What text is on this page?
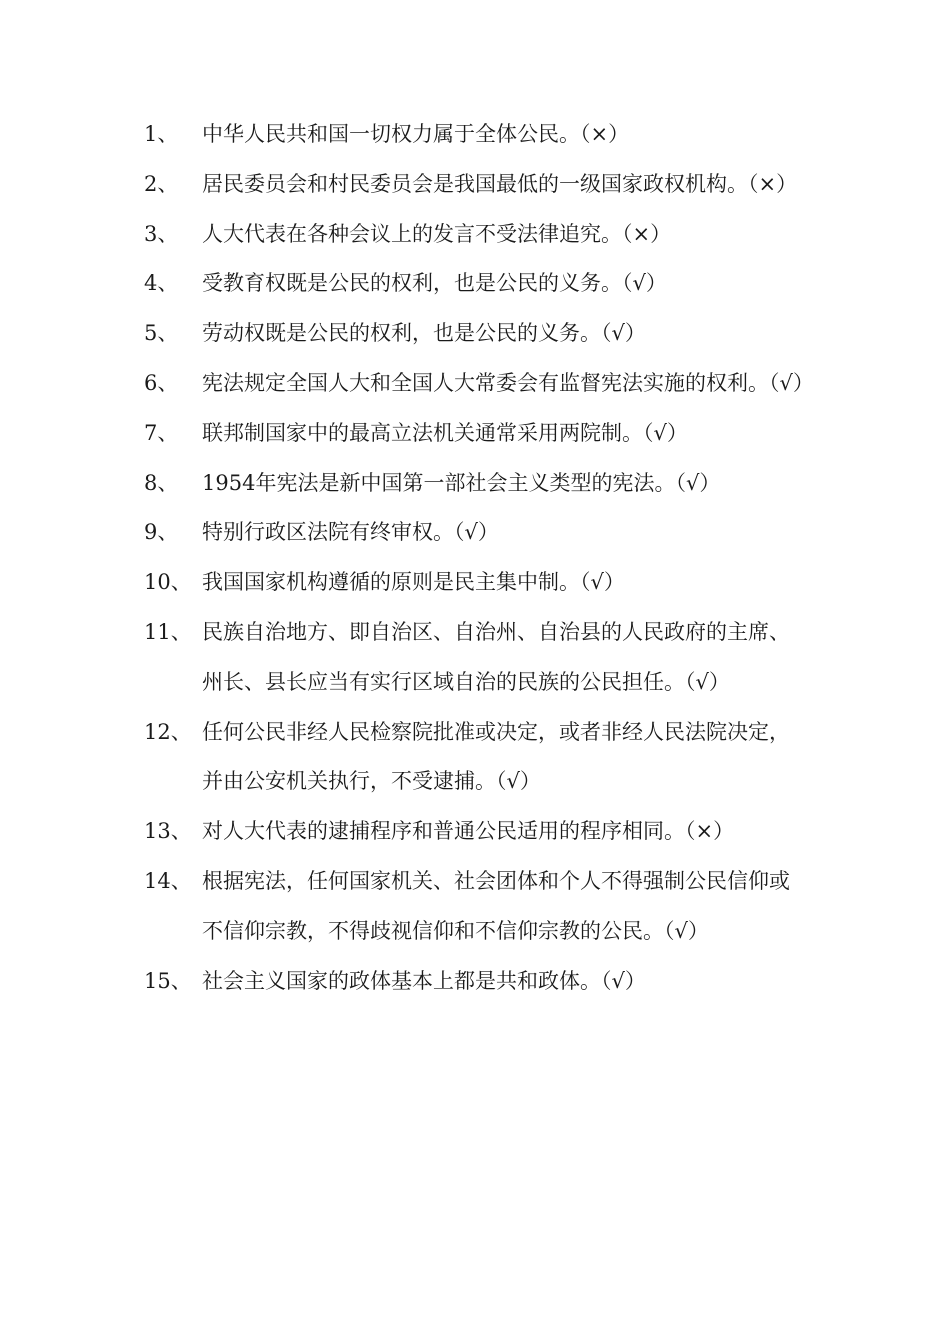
1、	中华人民共和国一切权力属于全体公民。（×）
2、	居民委员会和村民委员会是我国最低的一级国家政权机构。（×）
3、	人大代表在各种会议上的发言不受法律追究。（×）
4、	受教育权既是公民的权利，也是公民的义务。（√）
5、	劳动权既是公民的权利，也是公民的义务。（√）
6、	宪法规定全国人大和全国人大常委会有监督宪法实施的权利。（√）
7、	联邦制国家中的最高立法机关通常采用两院制。（√）
8、	1954年宪法是新中国第一部社会主义类型的宪法。（√）
9、	特别行政区法院有终审权。（√）
10、 我国国家机构遵循的原则是民主集中制。（√）
11、 民族自治地方、即自治区、自治州、自治县的人民政府的主席、州长、县长应当有实行区域自治的民族的公民担任。（√）
12、 任何公民非经人民检察院批准或决定，或者非经人民法院决定，并由公安机关执行，不受逮捕。（√）
13、 对人大代表的逮捕程序和普通公民适用的程序相同。（×）
14、 根据宪法，任何国家机关、社会团体和个人不得强制公民信仰或不信仰宗教，不得歧视信仰和不信仰宗教的公民。（√）
15、 社会主义国家的政体基本上都是共和政体。（√）
